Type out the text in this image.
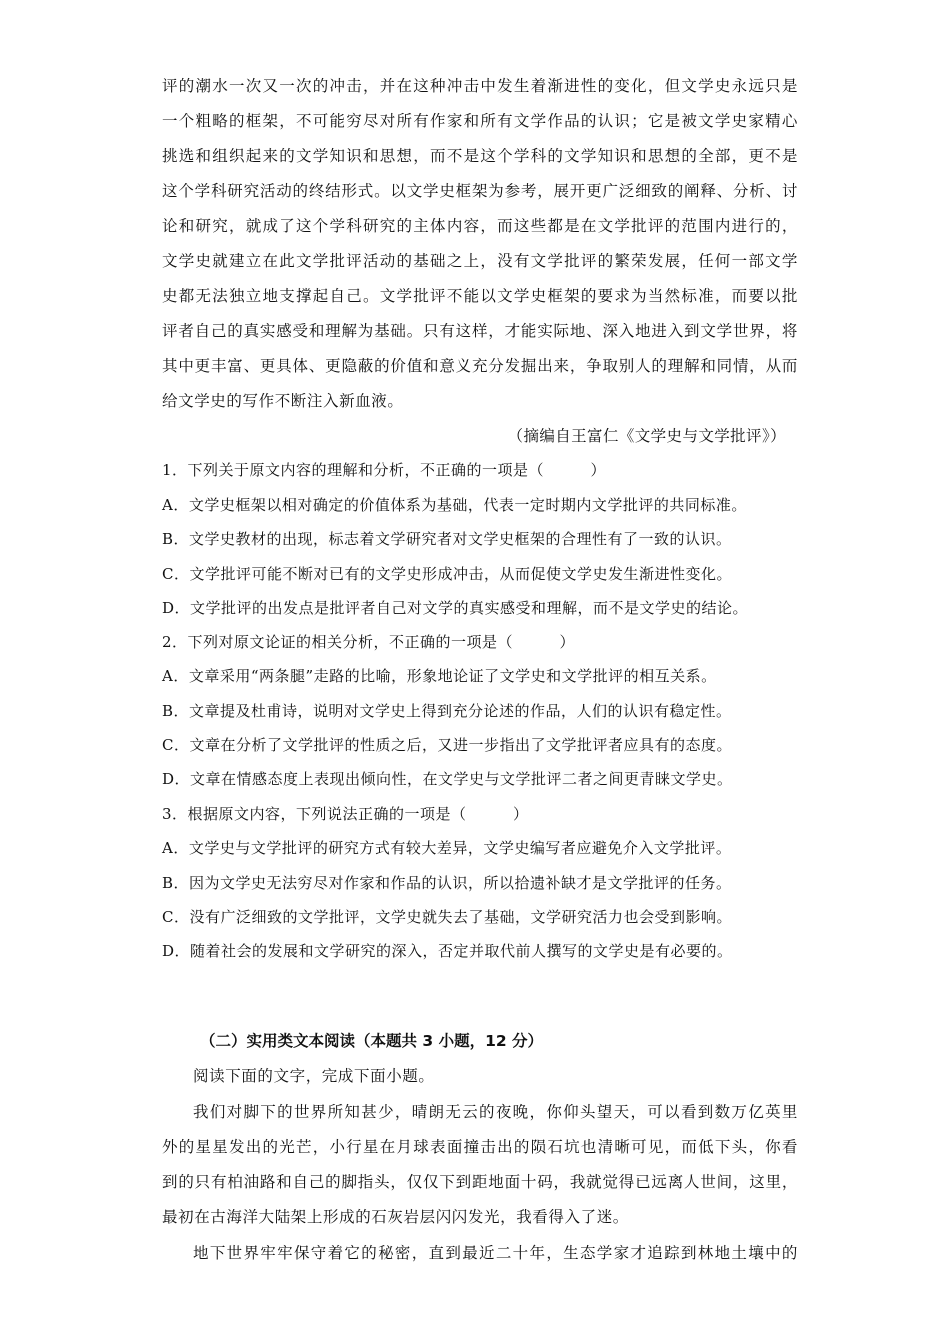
评的潮水一次又一次的冲击，并在这种冲击中发生着渐进性的变化，但文学史永远只是
一个粗略的框架，不可能穷尽对所有作家和所有文学作品的认识；它是被文学史家精心
挑选和组织起来的文学知识和思想，而不是这个学科的文学知识和思想的全部，更不是
这个学科研究活动的终结形式。以文学史框架为参考，展开更广泛细致的阐释、分析、讨
论和研究，就成了这个学科研究的主体内容，而这些都是在文学批评的范围内进行的，
文学史就建立在此文学批评活动的基础之上，没有文学批评的繁荣发展，任何一部文学
史都无法独立地支撑起自己。文学批评不能以文学史框架的要求为当然标准，而要以批
评者自己的真实感受和理解为基础。只有这样，才能实际地、深入地进入到文学世界，将
其中更丰富、更具体、更隐蔽的价值和意义充分发掘出来，争取别人的理解和同情，从而
给文学史的写作不断注入新血液。
（摘编自王富仁《文学史与文学批评》）
1．下列关于原文内容的理解和分析，不正确的一项是（　　　）
A．文学史框架以相对确定的价值体系为基础，代表一定时期内文学批评的共同标准。
B．文学史教材的出现，标志着文学研究者对文学史框架的合理性有了一致的认识。
C．文学批评可能不断对已有的文学史形成冲击，从而促使文学史发生渐进性变化。
D．文学批评的出发点是批评者自己对文学的真实感受和理解，而不是文学史的结论。
2．下列对原文论证的相关分析，不正确的一项是（　　　）
A．文章采用“两条腿”走路的比喻，形象地论证了文学史和文学批评的相互关系。
B．文章提及杜甫诗，说明对文学史上得到充分论述的作品，人们的认识有稳定性。
C．文章在分析了文学批评的性质之后，又进一步指出了文学批评者应具有的态度。
D．文章在情感态度上表现出倾向性，在文学史与文学批评二者之间更青睐文学史。
3．根据原文内容，下列说法正确的一项是（　　　）
A．文学史与文学批评的研究方式有较大差异，文学史编写者应避免介入文学批评。
B．因为文学史无法穷尽对作家和作品的认识，所以拾遗补缺才是文学批评的任务。
C．没有广泛细致的文学批评，文学史就失去了基础，文学研究活力也会受到影响。
D．随着社会的发展和文学研究的深入，否定并取代前人撰写的文学史是有必要的。
（二）实用类文本阅读（本题共 3 小题，12 分）
阅读下面的文字，完成下面小题。
我们对脚下的世界所知甚少，晴朗无云的夜晚，你仰头望天，可以看到数万亿英里
外的星星发出的光芒，小行星在月球表面撞击出的陨石坑也清晰可见，而低下头，你看
到的只有柏油路和自己的脚指头，仅仅下到距地面十码，我就觉得已远离人世间，这里，
最初在古海洋大陆架上形成的石灰岩层闪闪发光，我看得入了迷。
地下世界牢牢保守着它的秘密，直到最近二十年，生态学家才追踪到林地土壤中的
